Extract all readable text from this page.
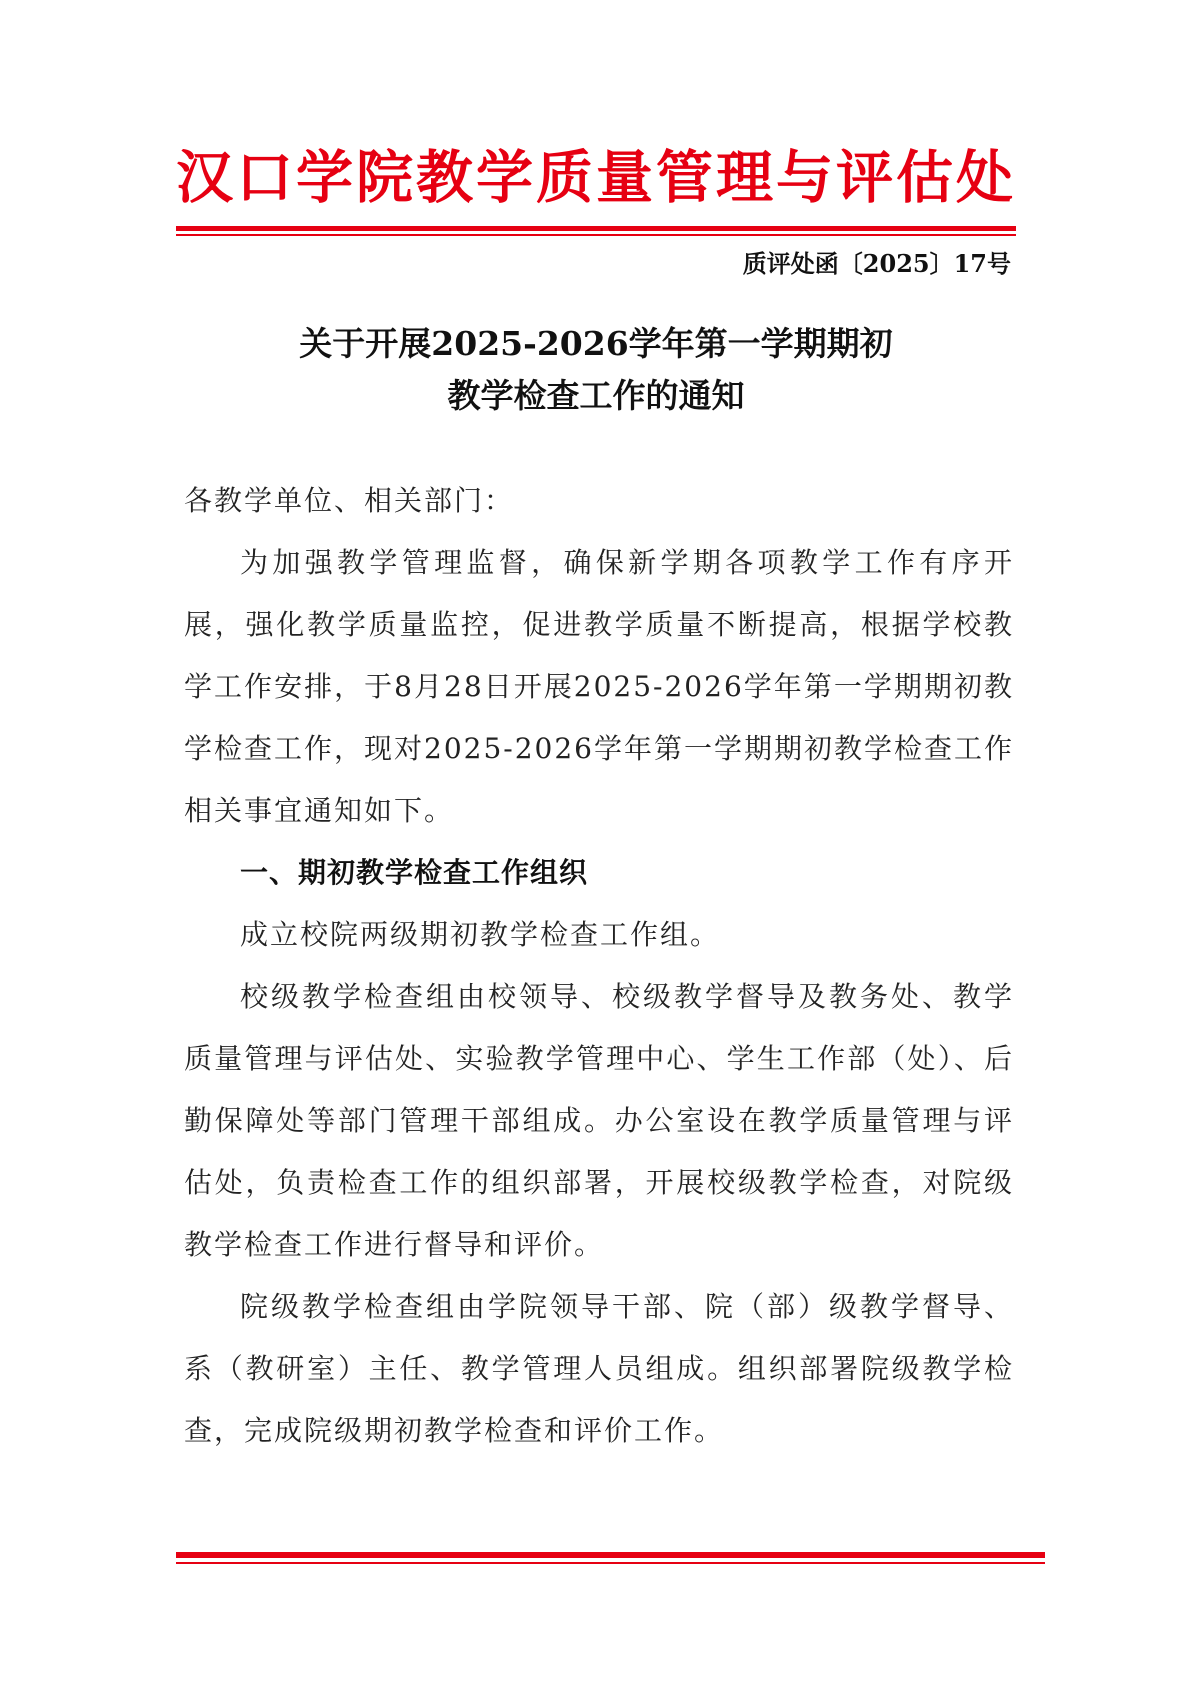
汉口学院教学质量管理与评估处
质评处函〔2025〕17号
关于开展2025-2026学年第一学期期初
教学检查工作的通知

各教学单位、相关部门：

为加强教学管理监督，确保新学期各项教学工作有序开展，强化教学质量监控，促进教学质量不断提高，根据学校教学工作安排，于8月28日开展2025-2026学年第一学期期初教学检查工作，现对2025-2026学年第一学期期初教学检查工作相关事宜通知如下。

一、期初教学检查工作组织

成立校院两级期初教学检查工作组。

校级教学检查组由校领导、校级教学督导及教务处、教学质量管理与评估处、实验教学管理中心、学生工作部（处）、后勤保障处等部门管理干部组成。办公室设在教学质量管理与评估处，负责检查工作的组织部署，开展校级教学检查，对院级教学检查工作进行督导和评价。

院级教学检查组由学院领导干部、院（部）级教学督导、系（教研室）主任、教学管理人员组成。组织部署院级教学检查，完成院级期初教学检查和评价工作。
